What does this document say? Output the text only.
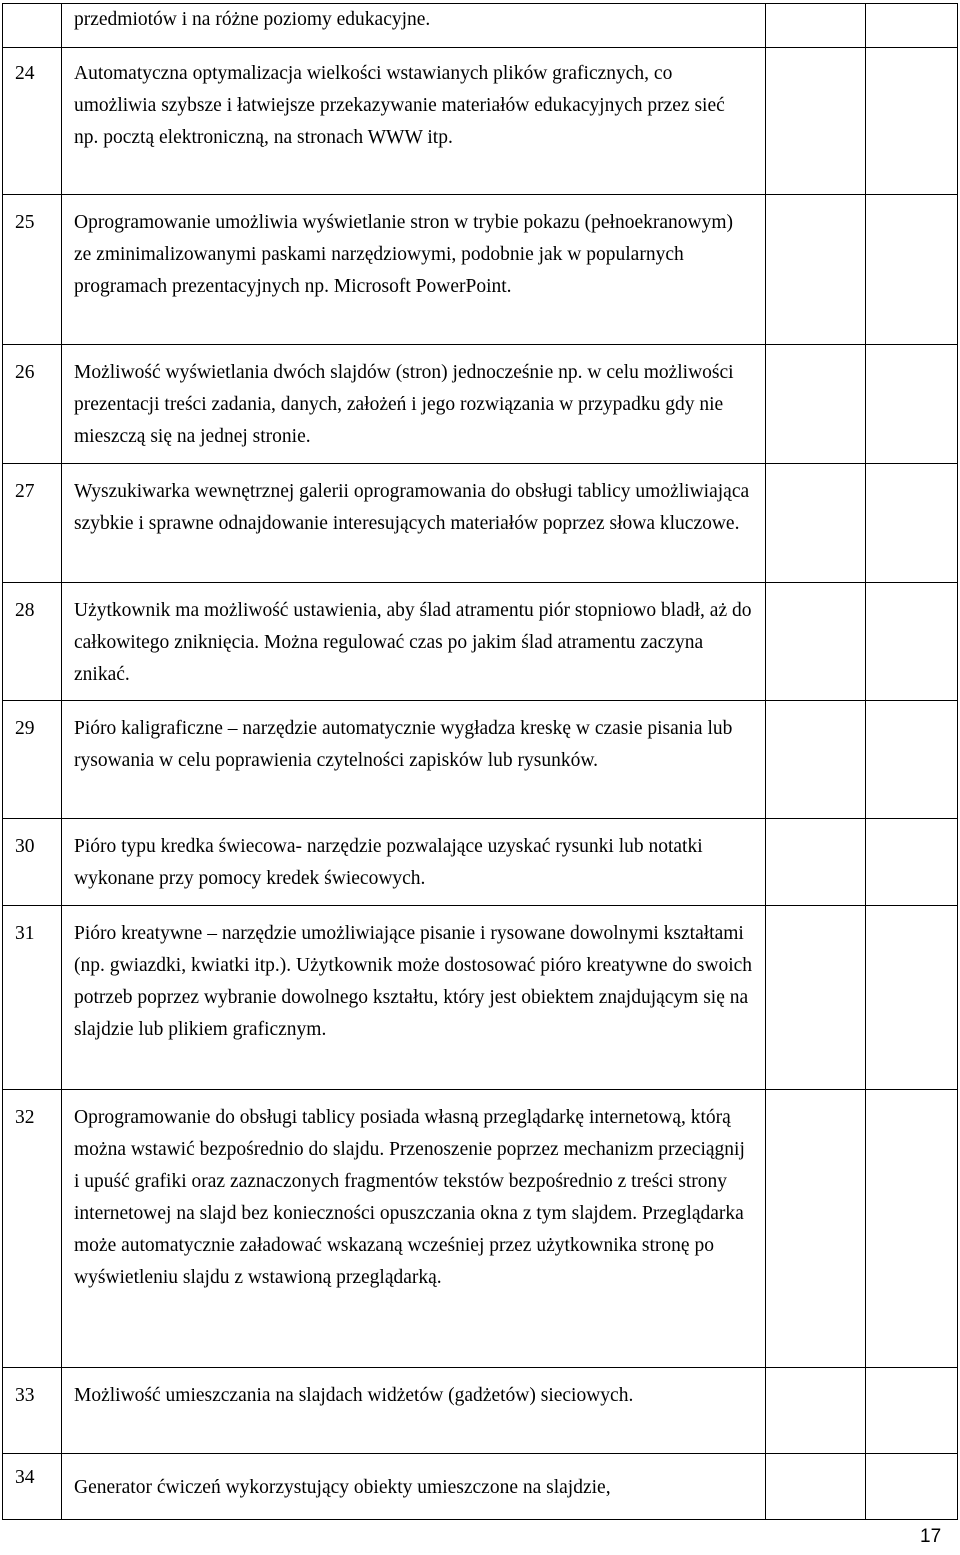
	przedmiotów i na różne poziomy edukacyjne.		

24	Automatyczna optymalizacja wielkości wstawianych plików graficznych, co umożliwia szybsze i łatwiejsze przekazywanie materiałów edukacyjnych przez sieć np. pocztą elektroniczną, na stronach WWW itp.		

25	Oprogramowanie umożliwia wyświetlanie stron w trybie pokazu (pełnoekranowym) ze zminimalizowanymi paskami narzędziowymi, podobnie jak w popularnych programach prezentacyjnych np. Microsoft PowerPoint.		

26	Możliwość wyświetlania dwóch slajdów (stron) jednocześnie np. w celu możliwości prezentacji treści zadania, danych, założeń i jego rozwiązania w przypadku gdy nie mieszczą się na jednej stronie.		

27	Wyszukiwarka wewnętrznej galerii oprogramowania do obsługi tablicy umożliwiająca szybkie i sprawne odnajdowanie interesujących materiałów poprzez słowa kluczowe.		

28	Użytkownik ma możliwość ustawienia, aby ślad atramentu piór stopniowo bladł, aż do całkowitego zniknięcia. Można regulować czas po jakim ślad atramentu zaczyna znikać.		

29	Pióro kaligraficzne – narzędzie automatycznie wygładza kreskę w czasie pisania lub rysowania w celu poprawienia czytelności zapisków lub rysunków.		

30	Pióro typu kredka świecowa- narzędzie pozwalające uzyskać rysunki lub notatki wykonane przy pomocy kredek świecowych.		

31	Pióro kreatywne – narzędzie umożliwiające pisanie i rysowane dowolnymi kształtami (np. gwiazdki, kwiatki itp.). Użytkownik może dostosować pióro kreatywne do swoich potrzeb poprzez wybranie dowolnego kształtu, który jest obiektem znajdującym się na slajdzie lub plikiem graficznym.		

32	Oprogramowanie do obsługi tablicy posiada własną przeglądarkę internetową, którą można wstawić bezpośrednio do slajdu. Przenoszenie poprzez mechanizm przeciągnij i upuść grafiki oraz zaznaczonych fragmentów tekstów bezpośrednio z treści strony internetowej na slajd bez konieczności opuszczania okna z tym slajdem. Przeglądarka może automatycznie załadować wskazaną wcześniej przez użytkownika stronę po wyświetleniu slajdu z wstawioną przeglądarką.		

33	Możliwość umieszczania na slajdach widżetów (gadżetów) sieciowych.		

34	Generator ćwiczeń wykorzystujący obiekty umieszczone na slajdzie,		

17
